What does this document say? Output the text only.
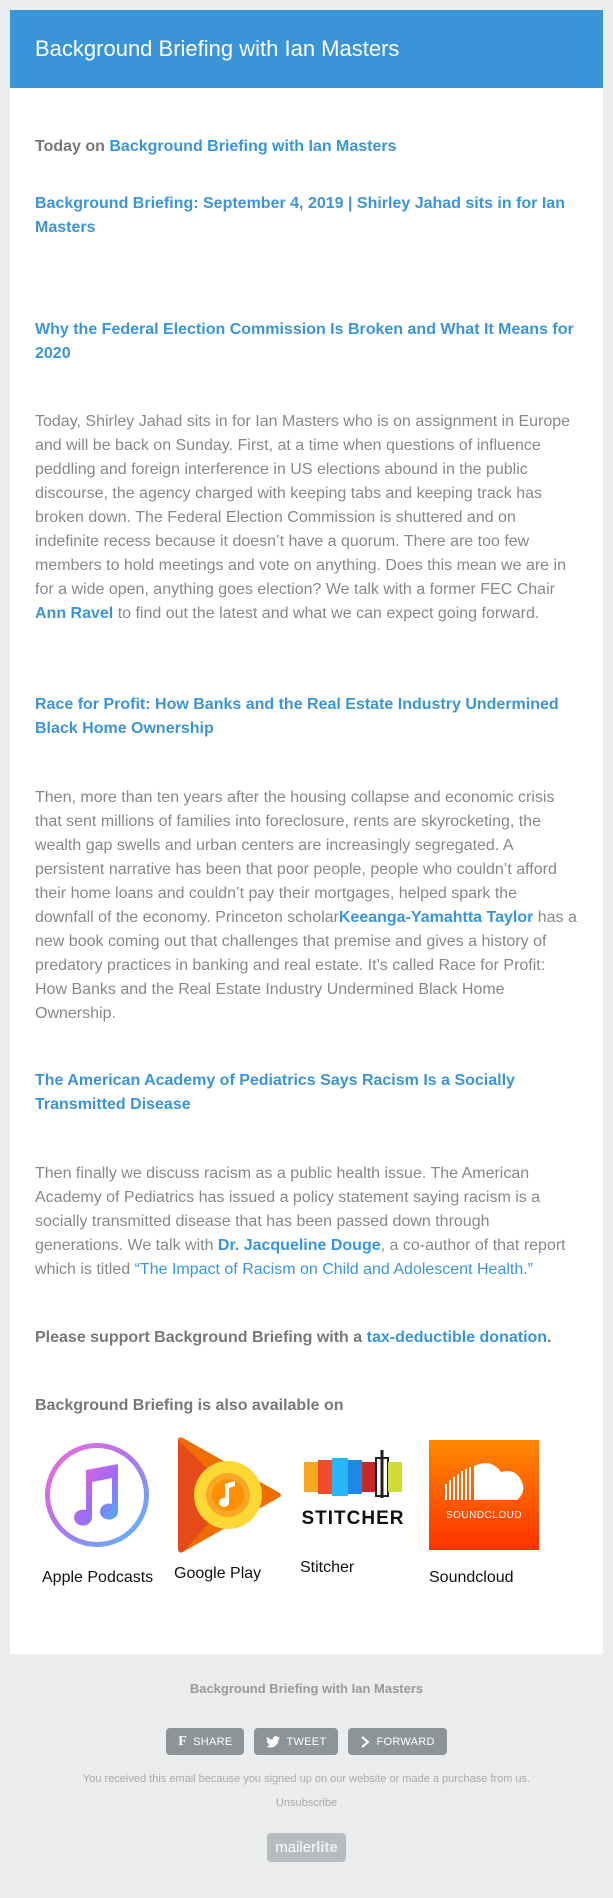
Background Briefing with Ian Masters
Today on Background Briefing with Ian Masters
Background Briefing: September 4, 2019 | Shirley Jahad sits in for Ian Masters
Why the Federal Election Commission Is Broken and What It Means for 2020
Today, Shirley Jahad sits in for Ian Masters who is on assignment in Europe and will be back on Sunday. First, at a time when questions of influence peddling and foreign interference in US elections abound in the public discourse, the agency charged with keeping tabs and keeping track has broken down. The Federal Election Commission is shuttered and on indefinite recess because it doesn’t have a quorum. There are too few members to hold meetings and vote on anything. Does this mean we are in for a wide open, anything goes election? We talk with a former FEC Chair Ann Ravel to find out the latest and what we can expect going forward.
Race for Profit: How Banks and the Real Estate Industry Undermined Black Home Ownership
Then, more than ten years after the housing collapse and economic crisis that sent millions of families into foreclosure, rents are skyrocketing, the wealth gap swells and urban centers are increasingly segregated. A persistent narrative has been that poor people, people who couldn’t afford their home loans and couldn’t pay their mortgages, helped spark the downfall of the economy. Princeton scholarKeeanga-Yamahtta Taylor has a new book coming out that challenges that premise and gives a history of predatory practices in banking and real estate. It’s called Race for Profit: How Banks and the Real Estate Industry Undermined Black Home Ownership.
The American Academy of Pediatrics Says Racism Is a Socially Transmitted Disease
Then finally we discuss racism as a public health issue. The American Academy of Pediatrics has issued a policy statement saying racism is a socially transmitted disease that has been passed down through generations. We talk with Dr. Jacqueline Douge, a co-author of that report which is titled “The Impact of Racism on Child and Adolescent Health.”
Please support Background Briefing with a tax-deductible donation.
Background Briefing is also available on
Apple Podcasts Google Play
STITCHER
Stitcher
SOUNDCLOUD
Soundcloud
Background Briefing with Ian Masters
F SHARE	TWEET	FORWARD
You received this email because you signed up on our website or made a purchase from us.
Unsubscribe
mailerlite
